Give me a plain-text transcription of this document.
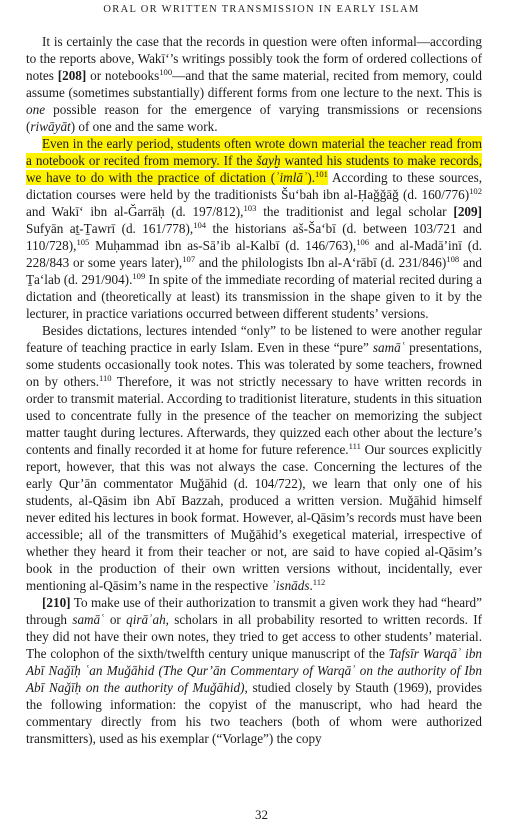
ORAL OR WRITTEN TRANSMISSION IN EARLY ISLAM

It is certainly the case that the records in question were often informal—according to the reports above, Wakī‘’s writings possibly took the form of ordered collections of notes [208] or notebooks$^{100}$—and that the same material, recited from memory, could assume (sometimes substantially) different forms from one lecture to the next. This is one possible reason for the emergence of varying transmissions or recensions (riwāyāt) of one and the same work.

Even in the early period, students often wrote down material the teacher read from a notebook or recited from memory. If the šayḫ wanted his students to make records, we have to do with the practice of dictation (ʾimlāʾ).$^{101}$ According to these sources, dictation courses were held by the traditionists Šu‘bah ibn al-Ḥaǧǧāǧ (d. 160/776)$^{102}$ and Wakī‘ ibn al-Ǧarrāḥ (d. 197/812),$^{103}$ the traditionist and legal scholar [209] Sufyān aṯ-Ṯawrī (d. 161/778),$^{104}$ the historians aš-Ša‘bī (d. between 103/721 and 110/728),$^{105}$ Muḥammad ibn as-Sā’ib al-Kalbī (d. 146/763),$^{106}$ and al-Madā’inī (d. 228/843 or some years later),$^{107}$ and the philologists Ibn al-A‘rābī (d. 231/846)$^{108}$ and Ṯa‘lab (d. 291/904).$^{109}$ In spite of the immediate recording of material recited during a dictation and (theoretically at least) its transmission in the shape given to it by the lecturer, in practice variations occurred between different students’ versions.

Besides dictations, lectures intended “only” to be listened to were another regular feature of teaching practice in early Islam. Even in these “pure” samāʿ presentations, some students occasionally took notes. This was tolerated by some teachers, frowned on by others.$^{110}$ Therefore, it was not strictly necessary to have written records in order to transmit material. According to traditionist literature, students in this situation used to concentrate fully in the presence of the teacher on memorizing the subject matter taught during lectures. Afterwards, they quizzed each other about the lecture’s contents and finally recorded it at home for future reference.$^{111}$ Our sources explicitly report, however, that this was not always the case. Concerning the lectures of the early Qur’ān commentator Muǧāhid (d. 104/722), we learn that only one of his students, al-Qāsim ibn Abī Bazzah, produced a written version. Muǧāhid himself never edited his lectures in book format. However, al-Qāsim’s records must have been accessible; all of the transmitters of Muǧāhid’s exegetical material, irrespective of whether they heard it from their teacher or not, are said to have copied al-Qāsim’s book in the production of their own written versions without, incidentally, ever mentioning al-Qāsim’s name in the respective ʾisnāds.$^{112}$

[210] To make use of their authorization to transmit a given work they had “heard” through samāʿ or qirāʾah, scholars in all probability resorted to written records. If they did not have their own notes, they tried to get access to other students’ material. The colophon of the sixth/twelfth century unique manuscript of the Tafsīr Warqāʾ ibn Abī Naǧīḥ ʿan Muǧāhid (The Qur’ān Commentary of Warqāʾ on the authority of Ibn Abī Naǧīḥ on the authority of Muǧāhid), studied closely by Stauth (1969), provides the following information: the copyist of the manuscript, who had heard the commentary directly from his two teachers (both of whom were authorized transmitters), used as his exemplar (“Vorlage”) the copy

32
